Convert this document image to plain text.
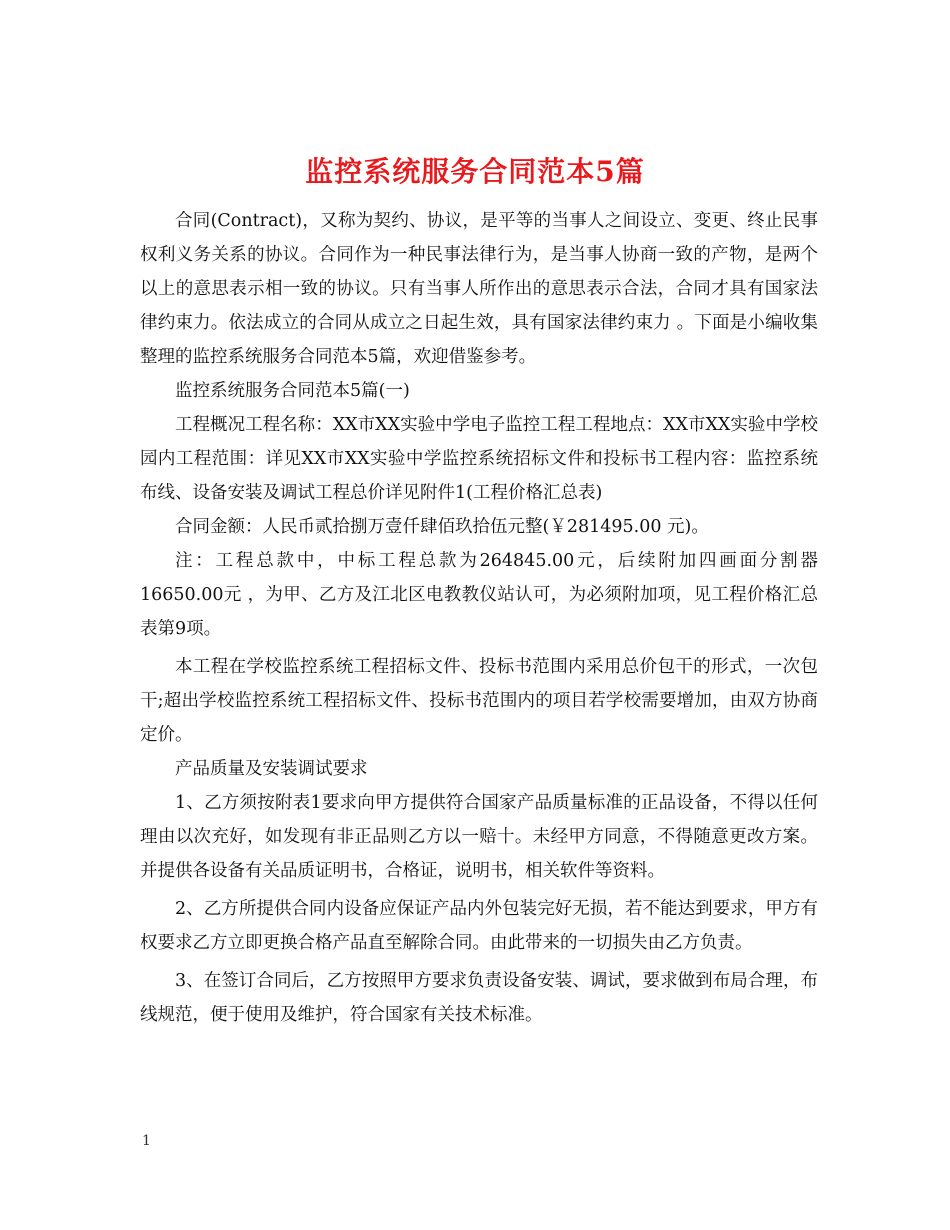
监控系统服务合同范本5篇

合同(Contract)，又称为契约、协议，是平等的当事人之间设立、变更、终止民事权利义务关系的协议。合同作为一种民事法律行为，是当事人协商一致的产物，是两个以上的意思表示相一致的协议。只有当事人所作出的意思表示合法，合同才具有国家法律约束力。依法成立的合同从成立之日起生效，具有国家法律约束力 。下面是小编收集整理的监控系统服务合同范本5篇，欢迎借鉴参考。

监控系统服务合同范本5篇(一)

工程概况工程名称：XX市XX实验中学电子监控工程工程地点：XX市XX实验中学校园内工程范围：详见XX市XX实验中学监控系统招标文件和投标书工程内容：监控系统布线、设备安装及调试工程总价详见附件1(工程价格汇总表)

合同金额：人民币贰拾捌万壹仟肆佰玖拾伍元整(￥281495.00 元)。

注：工程总款中，中标工程总款为264845.00元，后续附加四画面分割器16650.00元 ，为甲、乙方及江北区电教教仪站认可，为必须附加项，见工程价格汇总表第9项。

本工程在学校监控系统工程招标文件、投标书范围内采用总价包干的形式，一次包干;超出学校监控系统工程招标文件、投标书范围内的项目若学校需要增加，由双方协商定价。

产品质量及安装调试要求

1、乙方须按附表1要求向甲方提供符合国家产品质量标准的正品设备，不得以任何理由以次充好，如发现有非正品则乙方以一赔十。未经甲方同意，不得随意更改方案。并提供各设备有关品质证明书，合格证，说明书，相关软件等资料。

2、乙方所提供合同内设备应保证产品内外包装完好无损，若不能达到要求，甲方有权要求乙方立即更换合格产品直至解除合同。由此带来的一切损失由乙方负责。

3、在签订合同后，乙方按照甲方要求负责设备安装、调试，要求做到布局合理，布线规范，便于使用及维护，符合国家有关技术标准。

1
